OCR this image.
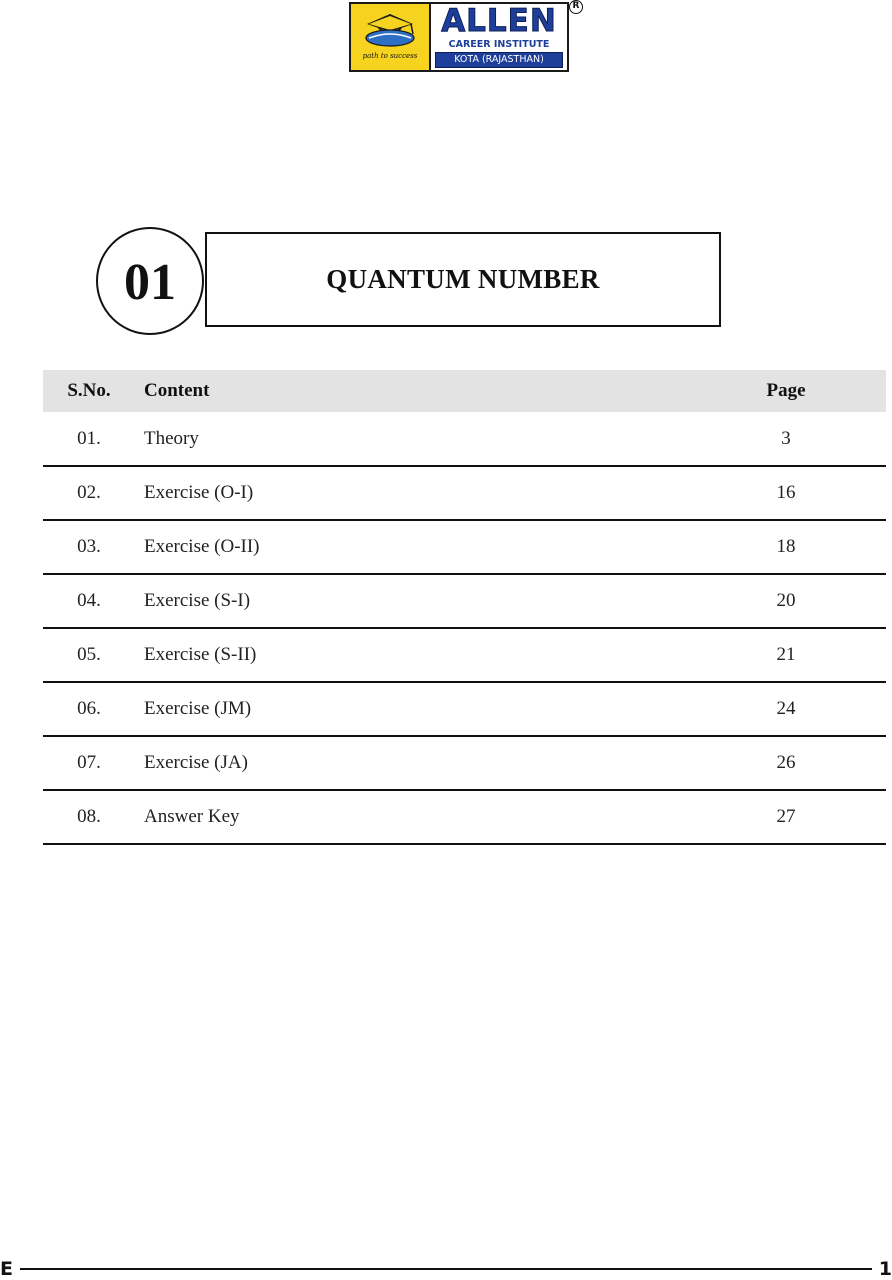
path to success
ALLEN
CAREER INSTITUTE
KOTA (RAJASTHAN)
R
01	QUANTUM NUMBER
S.No.	Content	Page
01.	Theory	3
02.	Exercise (O-I)	16
03.	Exercise (O-II)	18
04.	Exercise (S-I)	20
05.	Exercise (S-II)	21
06.	Exercise (JM)	24
07.	Exercise (JA)	26
08.	Answer Key	27
E	1
